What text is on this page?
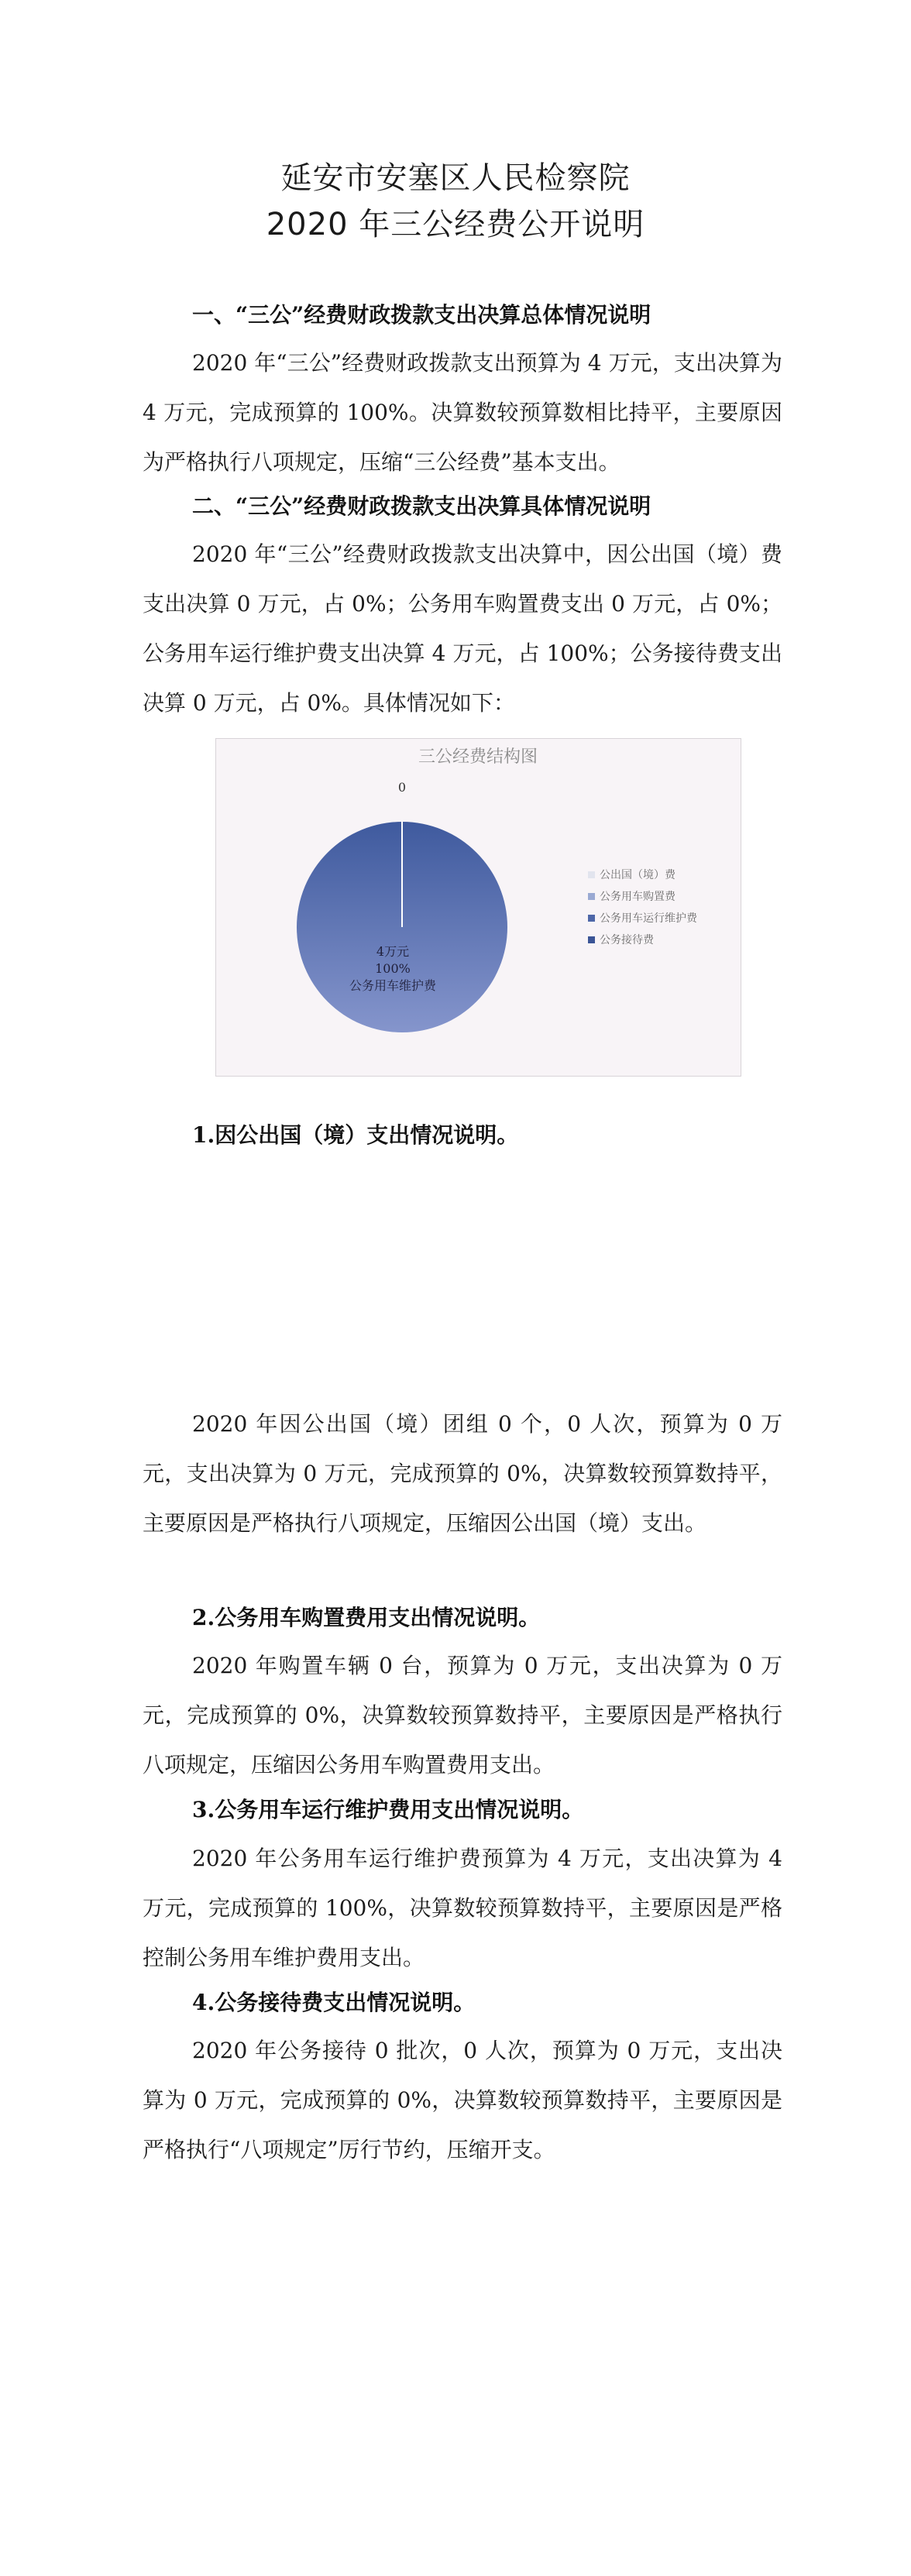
延安市安塞区人民检察院
2020 年三公经费公开说明
一、“三公”经费财政拨款支出决算总体情况说明
2020 年“三公”经费财政拨款支出预算为 4 万元，支出决算为 4 万元，完成预算的 100%。决算数较预算数相比持平，主要原因为严格执行八项规定，压缩“三公经费”基本支出。
二、“三公”经费财政拨款支出决算具体情况说明
2020 年“三公”经费财政拨款支出决算中，因公出国（境）费支出决算 0 万元，占 0%；公务用车购置费支出 0 万元，占 0%；公务用车运行维护费支出决算 4 万元，占 100%；公务接待费支出决算 0 万元，占 0%。具体情况如下：
三公经费结构图
0
4万元
100%
公务用车维护费
公出国（境）费
公务用车购置费
公务用车运行维护费
公务接待费
1.因公出国（境）支出情况说明。
2020 年因公出国（境）团组 0 个，0 人次，预算为 0 万元，支出决算为 0 万元，完成预算的 0%，决算数较预算数持平，主要原因是严格执行八项规定，压缩因公出国（境）支出。
2.公务用车购置费用支出情况说明。
2020 年购置车辆 0 台，预算为 0 万元，支出决算为 0 万元，完成预算的 0%，决算数较预算数持平，主要原因是严格执行八项规定，压缩因公务用车购置费用支出。
3.公务用车运行维护费用支出情况说明。
2020 年公务用车运行维护费预算为 4 万元，支出决算为 4 万元，完成预算的 100%，决算数较预算数持平，主要原因是严格控制公务用车维护费用支出。
4.公务接待费支出情况说明。
2020 年公务接待 0 批次，0 人次，预算为 0 万元，支出决算为 0 万元，完成预算的 0%，决算数较预算数持平，主要原因是严格执行“八项规定”厉行节约，压缩开支。
